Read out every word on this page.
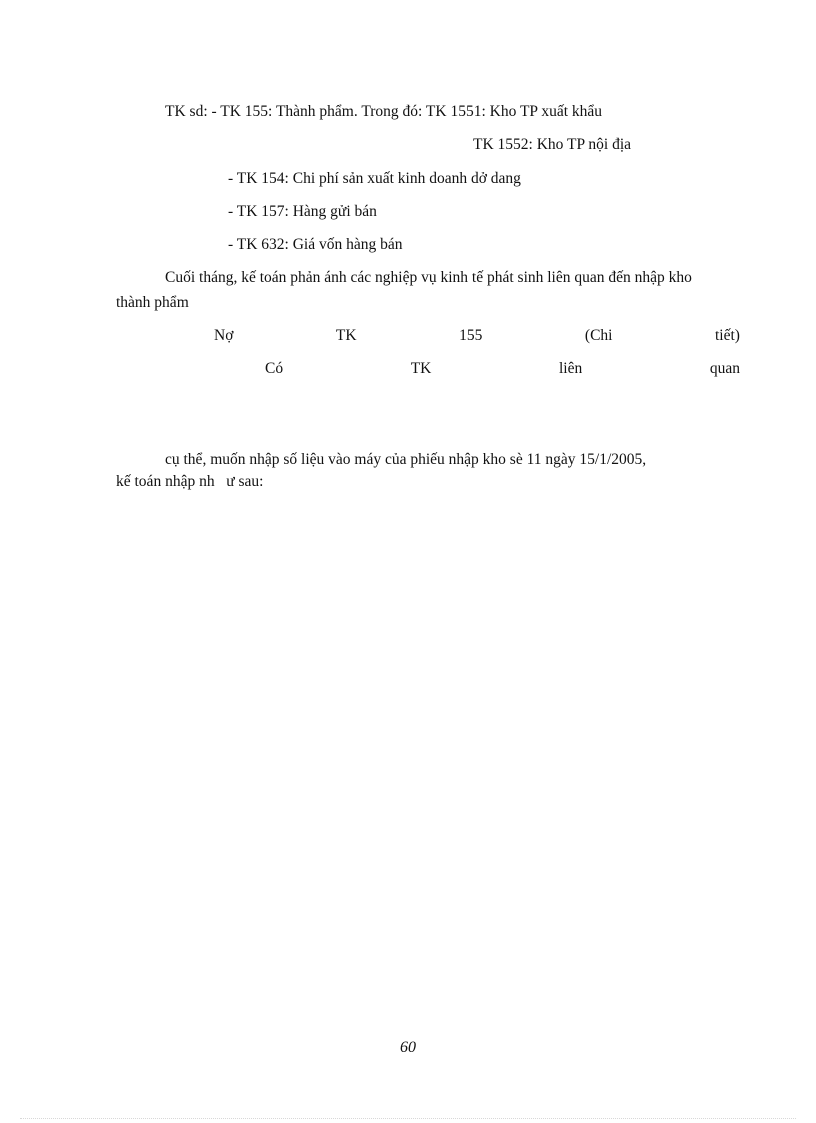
TK sd: - TK 155: Thành phẩm. Trong đó: TK 1551: Kho TP xuất khẩu
TK 1552: Kho TP nội địa
- TK 154: Chi phí sản xuất kinh doanh dở dang
- TK 157: Hàng gửi bán
- TK 632: Giá vốn hàng bán
Cuối tháng, kế toán phản ánh các nghiệp vụ kinh tế phát sinh liên quan đến nhập kho
thành phẩm
Nợ	TK	155	(Chi	tiết)
Có	TK	liên	quan
cụ thể, muốn nhập số liệu vào máy của phiếu nhập kho sè 11 ngày 15/1/2005,
kế toán nhập nh   ư sau:
60
